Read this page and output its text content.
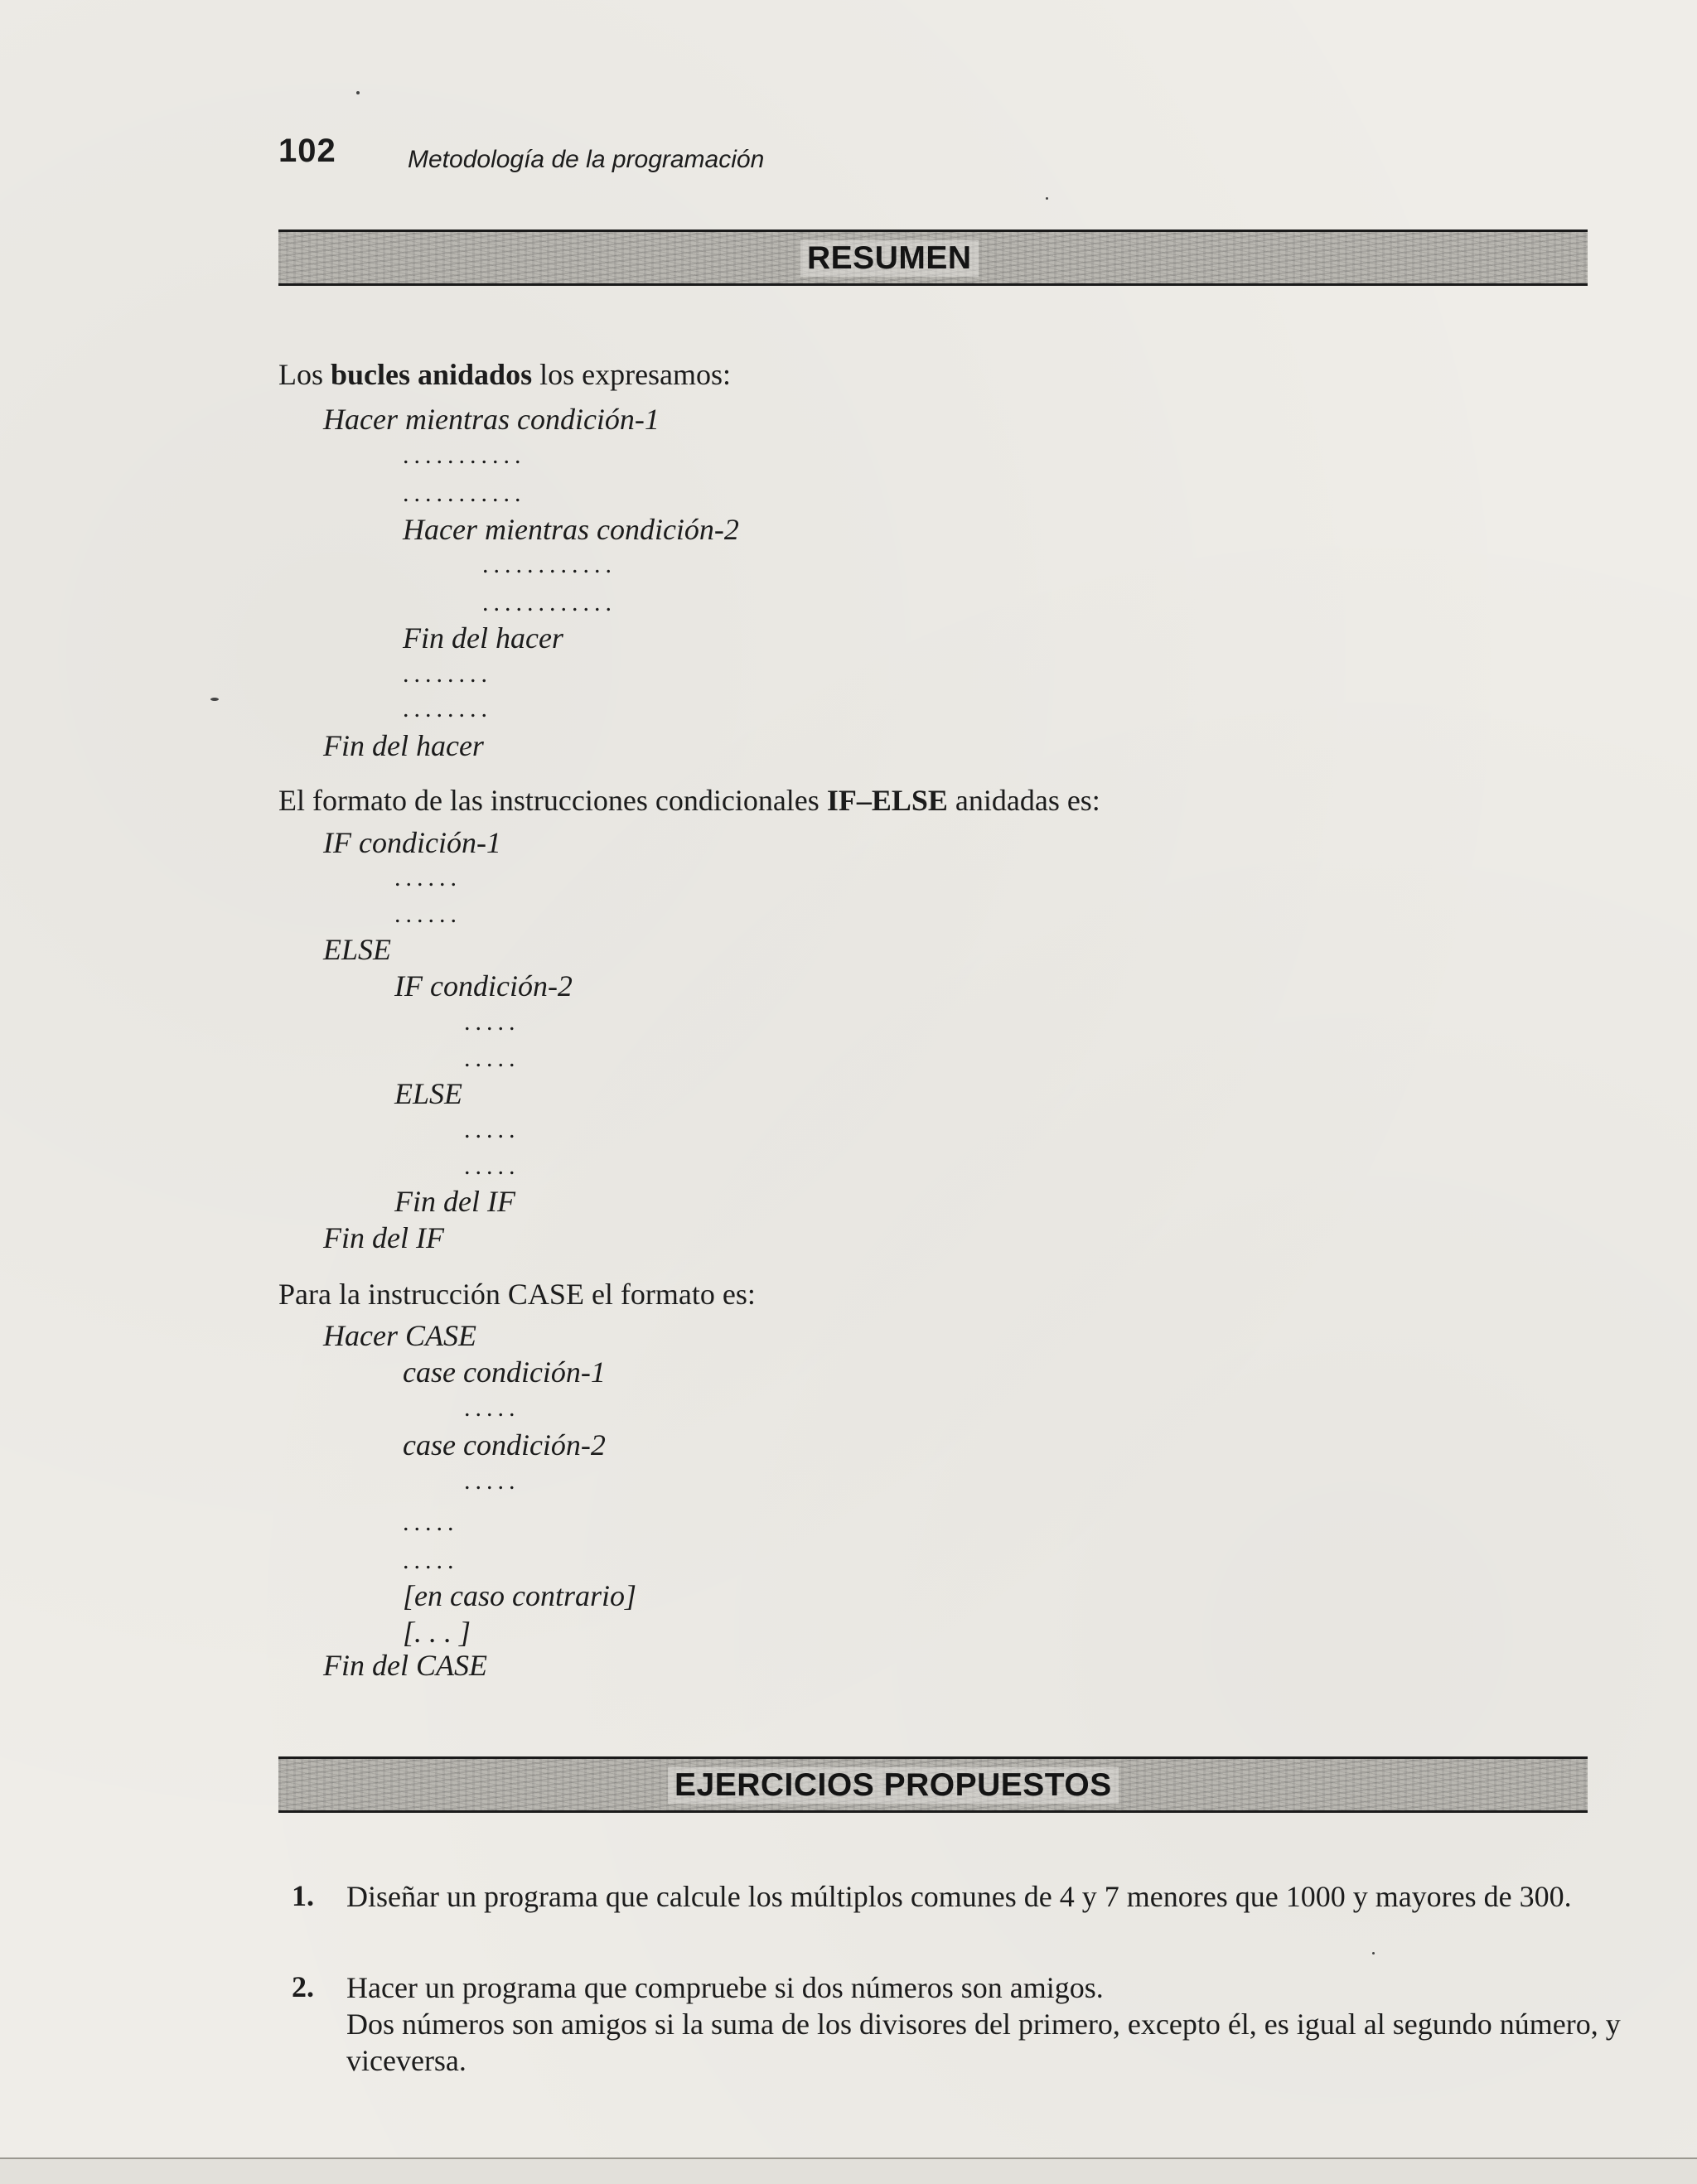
102	Metodología de la programación
RESUMEN
Los bucles anidados los expresamos:
Hacer mientras condición-1
...........
...........
Hacer mientras condición-2
............
............
Fin del hacer
........
........
Fin del hacer
El formato de las instrucciones condicionales IF–ELSE anidadas es:
IF condición-1
......
......
ELSE
IF condición-2
.....
.....
ELSE
.....
.....
Fin del IF
Fin del IF
Para la instrucción CASE el formato es:
Hacer CASE
case condición-1
.....
case condición-2
.....
.....
.....
[en caso contrario]
[. . . ]
Fin del CASE
EJERCICIOS PROPUESTOS
1. Diseñar un programa que calcule los múltiplos comunes de 4 y 7 menores que 1000 y mayores de 300.
2. Hacer un programa que compruebe si dos números son amigos.
Dos números son amigos si la suma de los divisores del primero, excepto él, es igual al segundo número, y viceversa.
